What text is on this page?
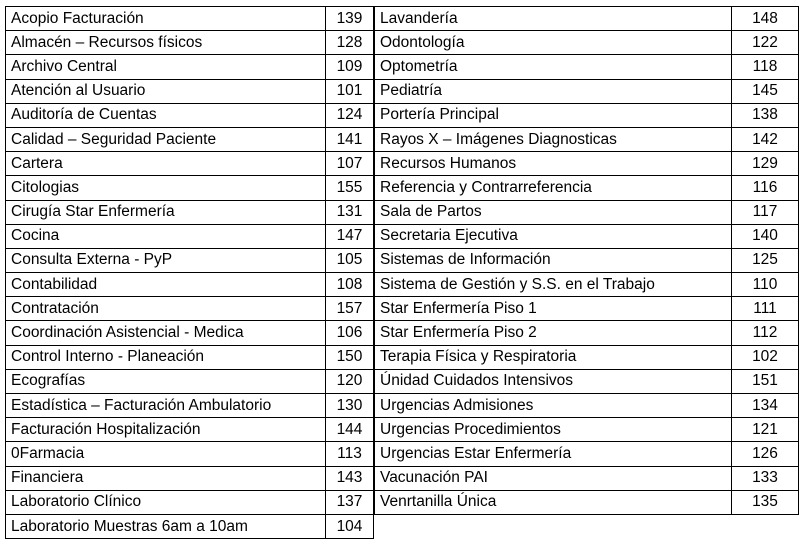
Acopio Facturación	139
Almacén – Recursos físicos	128
Archivo Central	109
Atención al Usuario	101
Auditoría de Cuentas	124
Calidad – Seguridad Paciente	141
Cartera	107
Citologias	155
Cirugía Star Enfermería	131
Cocina	147
Consulta Externa - PyP	105
Contabilidad	108
Contratación	157
Coordinación Asistencial - Medica	106
Control Interno - Planeación	150
Ecografías	120
Estadística – Facturación Ambulatorio	130
Facturación Hospitalización	144
0Farmacia	113
Financiera	143
Laboratorio Clínico	137
Laboratorio Muestras 6am a 10am	104
Lavandería	148
Odontología	122
Optometría	118
Pediatría	145
Portería Principal	138
Rayos X – Imágenes Diagnosticas	142
Recursos Humanos	129
Referencia y Contrarreferencia	116
Sala de Partos	117
Secretaria Ejecutiva	140
Sistemas de Información	125
Sistema de Gestión y S.S. en el Trabajo	110
Star Enfermería Piso 1	111
Star Enfermería Piso 2	112
Terapia Física y Respiratoria	102
Únidad Cuidados Intensivos	151
Urgencias Admisiones	134
Urgencias Procedimientos	121
Urgencias Estar Enfermería	126
Vacunación PAI	133
Venrtanilla Única	135
